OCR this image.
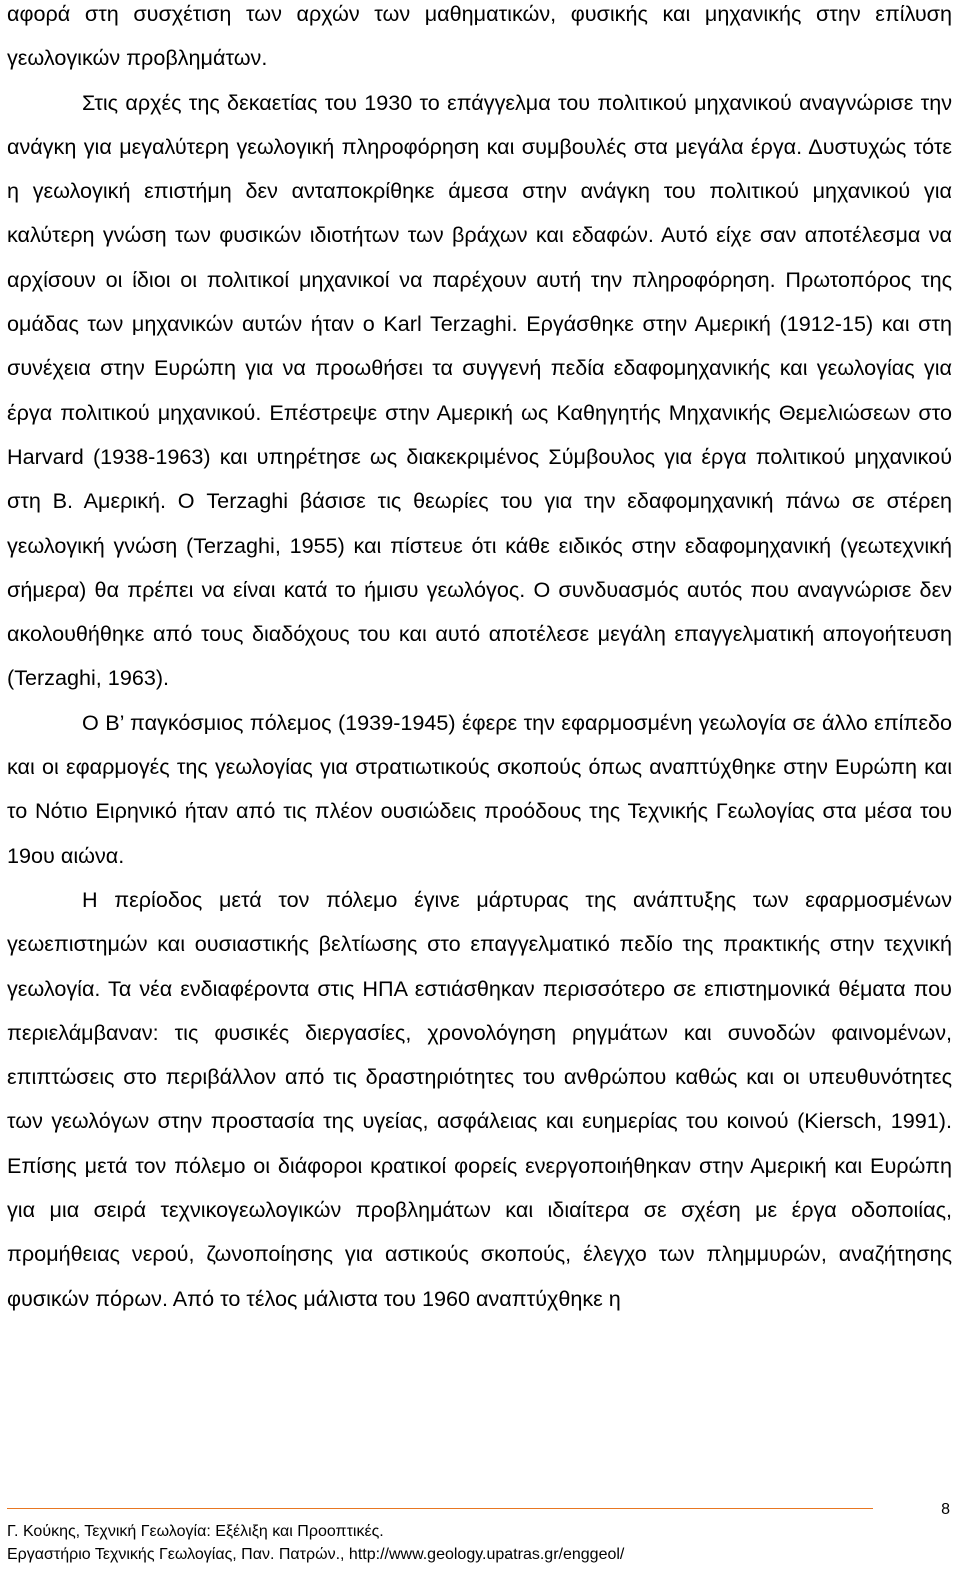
αφορά στη συσχέτιση των αρχών των μαθηματικών, φυσικής και μηχανικής στην επίλυση γεωλογικών προβλημάτων.

Στις αρχές της δεκαετίας του 1930 το επάγγελμα του πολιτικού μηχανικού αναγνώρισε την ανάγκη για μεγαλύτερη γεωλογική πληροφόρηση και συμβουλές στα μεγάλα έργα. Δυστυχώς τότε η γεωλογική επιστήμη δεν ανταποκρίθηκε άμεσα στην ανάγκη του πολιτικού μηχανικού για καλύτερη γνώση των φυσικών ιδιοτήτων των βράχων και εδαφών. Αυτό είχε σαν αποτέλεσμα να αρχίσουν οι ίδιοι οι πολιτικοί μηχανικοί να παρέχουν αυτή την πληροφόρηση. Πρωτοπόρος της ομάδας των μηχανικών αυτών ήταν ο Karl Terzaghi. Εργάσθηκε στην Αμερική (1912-15) και στη συνέχεια στην Ευρώπη για να προωθήσει τα συγγενή πεδία εδαφομηχανικής και γεωλογίας για έργα πολιτικού μηχανικού. Επέστρεψε στην Αμερική ως Καθηγητής Μηχανικής Θεμελιώσεων στο Harvard (1938-1963) και υπηρέτησε ως διακεκριμένος Σύμβουλος για έργα πολιτικού μηχανικού στη Β. Αμερική. Ο Terzaghi βάσισε τις θεωρίες του για την εδαφομηχανική πάνω σε στέρεη γεωλογική γνώση (Terzaghi, 1955) και πίστευε ότι κάθε ειδικός στην εδαφομηχανική (γεωτεχνική σήμερα) θα πρέπει να είναι κατά το ήμισυ γεωλόγος. Ο συνδυασμός αυτός που αναγνώρισε δεν ακολουθήθηκε από τους διαδόχους του και αυτό αποτέλεσε μεγάλη επαγγελματική απογοήτευση (Terzaghi, 1963).

Ο Β’ παγκόσμιος πόλεμος (1939-1945) έφερε την εφαρμοσμένη γεωλογία σε άλλο επίπεδο και οι εφαρμογές της γεωλογίας για στρατιωτικούς σκοπούς όπως αναπτύχθηκε στην Ευρώπη και το Νότιο Ειρηνικό ήταν από τις πλέον ουσιώδεις προόδους της Τεχνικής Γεωλογίας στα μέσα του 19ου αιώνα.

Η περίοδος μετά τον πόλεμο έγινε μάρτυρας της ανάπτυξης των εφαρμοσμένων γεωεπιστημών και ουσιαστικής βελτίωσης στο επαγγελματικό πεδίο της πρακτικής στην τεχνική γεωλογία. Τα νέα ενδιαφέροντα στις ΗΠΑ εστιάσθηκαν περισσότερο σε επιστημονικά θέματα που περιελάμβαναν: τις φυσικές διεργασίες, χρονολόγηση ρηγμάτων και συνοδών φαινομένων, επιπτώσεις στο περιβάλλον από τις δραστηριότητες του ανθρώπου καθώς και οι υπευθυνότητες των γεωλόγων στην προστασία της υγείας, ασφάλειας και ευημερίας του κοινού (Kiersch, 1991). Επίσης μετά τον πόλεμο οι διάφοροι κρατικοί φορείς ενεργοποιήθηκαν στην Αμερική και Ευρώπη για μια σειρά τεχνικογεωλογικών προβλημάτων και ιδιαίτερα σε σχέση με έργα οδοποιίας, προμήθειας νερού, ζωνοποίησης για αστικούς σκοπούς, έλεγχο των πλημμυρών, αναζήτησης φυσικών πόρων. Από το τέλος μάλιστα του 1960 αναπτύχθηκε η

8
Γ. Κούκης, Τεχνική Γεωλογία: Εξέλιξη και Προοπτικές.
Εργαστήριο Τεχνικής Γεωλογίας, Παν. Πατρών., http://www.geology.upatras.gr/enggeol/
